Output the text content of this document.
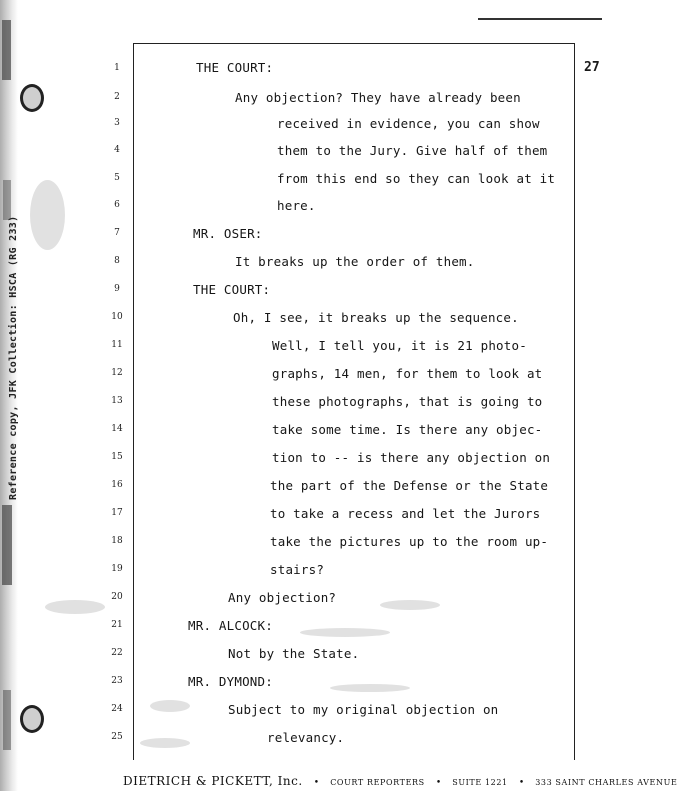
Reference copy, JFK Collection: HSCA (RG 233)
27
1
2
3
4
5
6
7
8
9
10
11
12
13
14
15
16
17
18
19
20
21
22
23
24
25
THE COURT:
Any objection? They have already been
received in evidence, you can show
them to the Jury. Give half of them
from this end so they can look at it
here.
MR. OSER:
It breaks up the order of them.
THE COURT:
Oh, I see, it breaks up the sequence.
Well, I tell you, it is 21 photo-
graphs, 14 men, for them to look at
these photographs, that is going to
take some time. Is there any objec-
tion to -- is there any objection on
the part of the Defense or the State
to take a recess and let the Jurors
take the pictures up to the room up-
stairs?
Any objection?
MR. ALCOCK:
Not by the State.
MR. DYMOND:
Subject to my original objection on
relevancy.
DIETRICH & PICKETT, Inc. • COURT REPORTERS • SUITE 1221 • 333 SAINT CHARLES AVENUE
